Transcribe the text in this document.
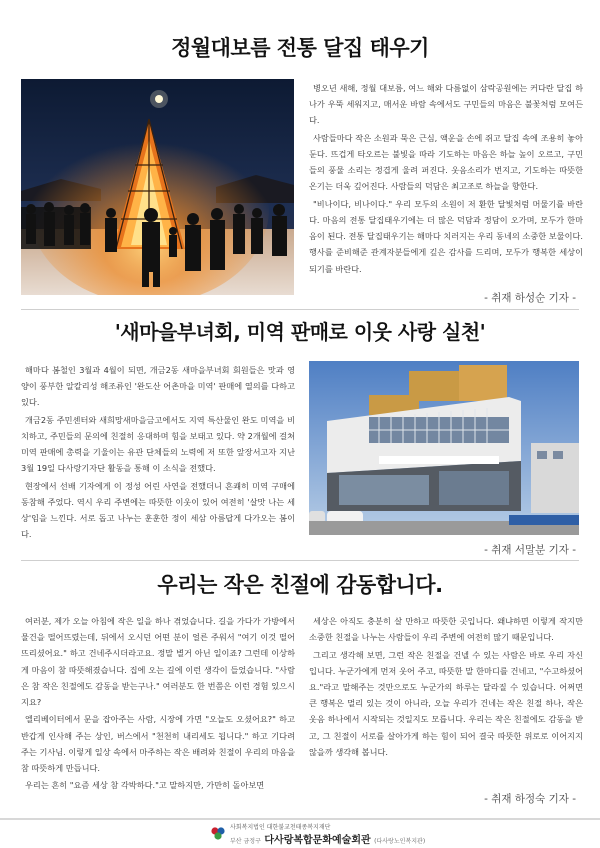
정월대보름 전통 달집 태우기

병오년 새해, 정월 대보름, 여느 해와 다름없이 삼락공원에는 커다란 달집 하나가 우뚝 세워지고, 매서운 바람 속에서도 구민들의 마음은 불꽃처럼 모여든다.

사람들마다 작은 소원과 묵은 근심, 액운을 손에 쥐고 달집 속에 조용히 놓아둔다. 뜨겁게 타오르는 불빛을 따라 기도하는 마음은 하늘 높이 오르고, 구민들의 풍물 소리는 정겹게 울려 퍼진다. 웃음소리가 번지고, 기도하는 따뜻한 온기는 더욱 깊어진다. 사람들의 덕담은 최고조로 하늘을 향한다.

"비나이다, 비나이다." 우리 모두의 소원이 저 환한 달빛처럼 머물기를 바란다. 마음의 전통 달집태우기에는 더 많은 덕담과 정담이 오가며, 모두가 한마음이 된다. 전통 달집태우기는 해마다 치러지는 우리 동네의 소중한 보물이다. 행사를 준비해준 관계자분들에게 깊은 감사를 드리며, 모두가 행복한 세상이 되기를 바란다.

- 취재 하성순 기자 -
'새마을부녀회, 미역 판매로 이웃 사랑 실천'

해마다 봄철인 3월과 4월이 되면, 개금2동 새마을부녀회 회원들은 맛과 영양이 풍부한 알칼리성 해조류인 '완도산 어촌마을 미역' 판매에 열의를 다하고 있다.

개금2동 주민센터와 새희망새마을금고에서도 지역 특산물인 완도 미역을 비치하고, 주민들의 문의에 친절히 응대하며 힘을 보태고 있다. 약 2개월에 걸쳐 미역 판매에 총력을 기울이는 유관 단체들의 노력에 저 또한 앞장서고자 지난 3월 19일 다사랑기자단 활동을 통해 이 소식을 전했다.

현장에서 선배 기자에게 이 정성 어린 사연을 전했더니 흔쾌히 미역 구매에 동참해 주었다. 역시 우리 주변에는 따뜻한 이웃이 있어 여전히 '살맛 나는 세상'임을 느낀다. 서로 돕고 나누는 훈훈한 정이 세삼 아름답게 다가오는 봄이다.

- 취재 서말분 기자 -
우리는 작은 친절에 감동합니다.

여러분, 제가 오늘 아침에 작은 일을 하나 겪었습니다. 길을 가다가 가방에서 물건을 떨어뜨렸는데, 뒤에서 오시던 어떤 분이 얼른 주워서 "여기 이것 떨어뜨리셨어요." 하고 건네주시더라고요. 정말 별거 아닌 일이죠? 그런데 이상하게 마음이 참 따뜻해졌습니다. 집에 오는 길에 이런 생각이 들었습니다. "사람은 참 작은 친절에도 감동을 받는구나." 여러분도 한 번쯤은 이런 경험 있으시지요?

엘리베이터에서 문을 잡아주는 사람, 시장에 가면 "오늘도 오셨어요?" 하고 반갑게 인사해 주는 상인, 버스에서 "천천히 내리세도 됩니다." 하고 기다려 주는 기사님. 이렇게 일상 속에서 마주하는 작은 배려와 친절이 우리의 마음을 참 따뜻하게 만듭니다.

우리는 흔히 "요즘 세상 참 각박하다."고 말하지만, 가만히 돌아보면

세상은 아직도 충분히 살 만하고 따뜻한 곳입니다. 왜냐하면 이렇게 작지만 소중한 친절을 나누는 사람들이 우리 주변에 여전히 많기 때문입니다.

그리고 생각해 보면, 그런 작은 친절을 건넬 수 있는 사람은 바로 우리 자신입니다. 누군가에게 먼저 웃어 주고, 따뜻한 말 한마디를 건네고, "수고하셨어요."라고 말해주는 것만으로도 누군가의 하루는 달라질 수 있습니다. 어쩌면 큰 행복은 멀리 있는 것이 아니라, 오늘 우리가 건네는 작은 친절 하나, 작은 웃음 하나에서 시작되는 것일지도 모릅니다. 우리는 작은 친절에도 감동을 받고, 그 친절이 서로를 살아가게 하는 힘이 되어 결국 따뜻한 위로로 이어지지 않을까 생각해 봅니다.

- 취재 하정숙 기자 -
사회복지법인 대한불교천태종복지재단
부산 금정구 다사랑복합문화예술회관 (다사랑노인복지관)
